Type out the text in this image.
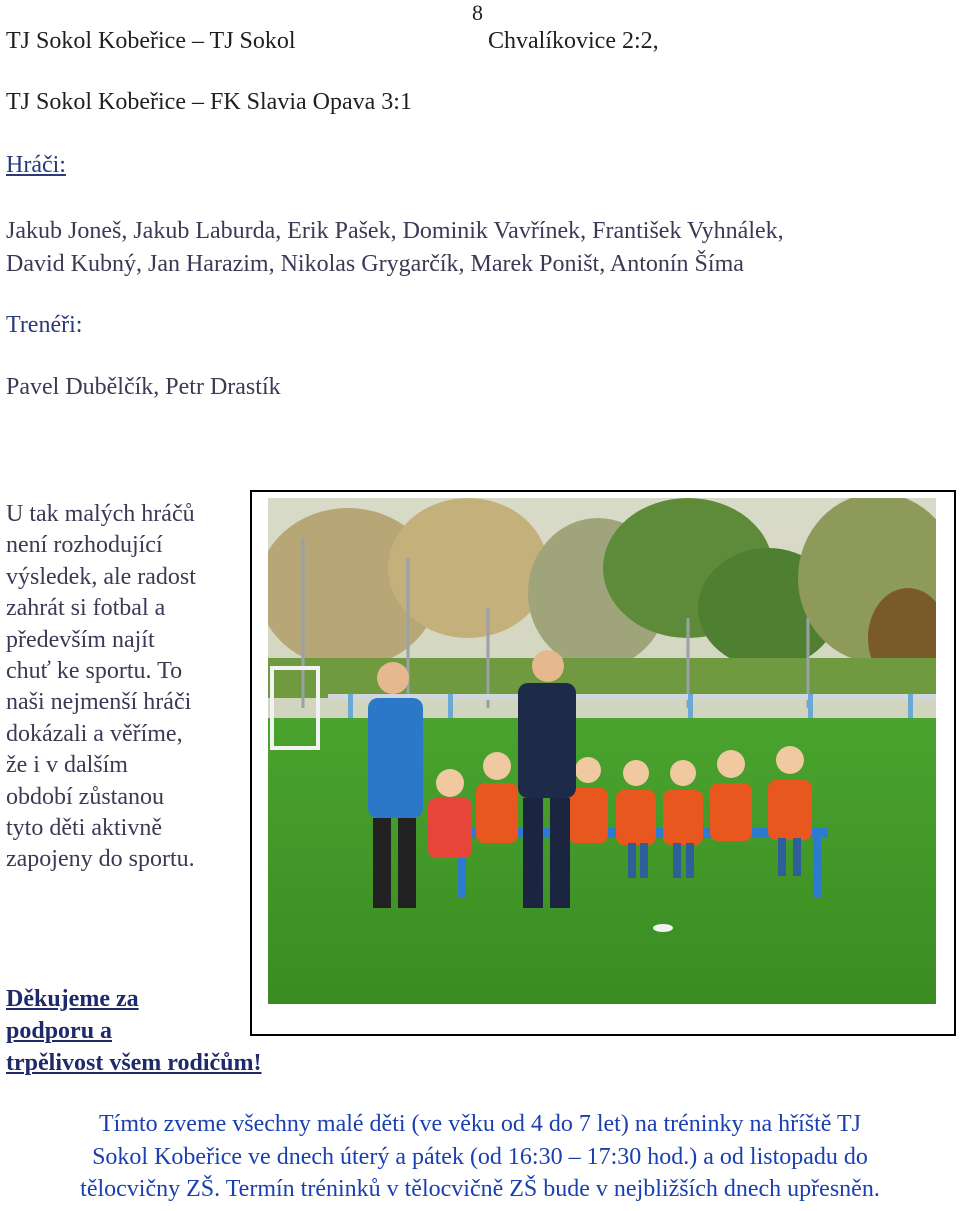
8
TJ Sokol Kobeřice – TJ Sokol	Chvalíkovice 2:2,
TJ Sokol Kobeřice – FK Slavia Opava 3:1
Hráči:
Jakub Joneš, Jakub Laburda, Erik Pašek, Dominik Vavřínek, František Vyhnálek,
David Kubný, Jan Harazim, Nikolas Grygarčík, Marek Poništ, Antonín Šíma
Trenéři:
Pavel Dubělčík, Petr Drastík
U tak malých hráčů
není rozhodující
výsledek, ale radost
zahrát si fotbal a
především najít
chuť ke sportu. To
naši nejmenší hráči
dokázali a věříme,
že i v dalším
období zůstanou
tyto děti aktivně
zapojeny do sportu.
Děkujeme za
podporu a
trpělivost všem rodičům!
Tímto zveme všechny malé děti (ve věku od 4 do 7 let) na tréninky na hříště TJ
Sokol Kobeřice ve dnech úterý a pátek (od 16:30 – 17:30 hod.) a od listopadu do
tělocvičny ZŠ. Termín tréninků v tělocvičně ZŠ bude v nejbližších dnech upřesněn.
